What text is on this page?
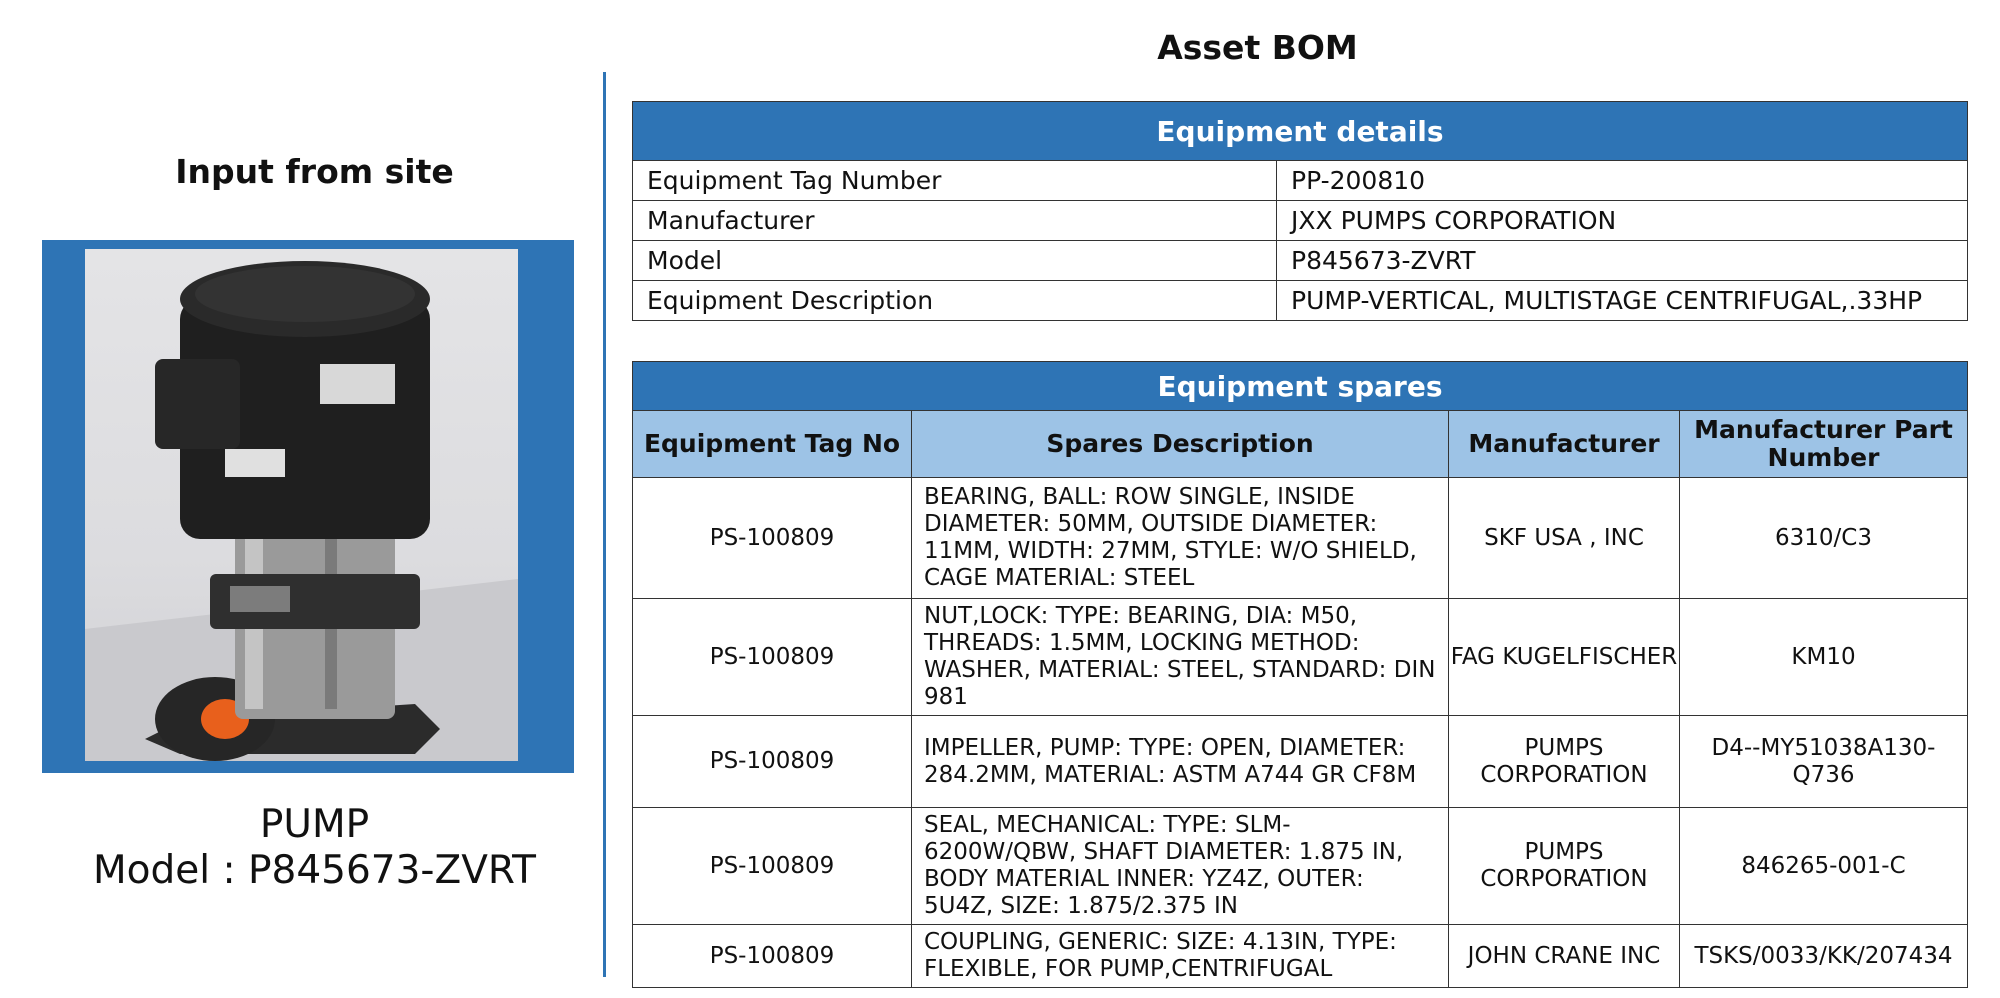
Input from site
PUMP
Model : P845673-ZVRT
Asset BOM
Equipment details	
Equipment Tag Number	PP-200810
Manufacturer	JXX PUMPS CORPORATION
Model	P845673-ZVRT
Equipment Description	PUMP-VERTICAL, MULTISTAGE CENTRIFUGAL,.33HP
Equipment spares			
Equipment Tag No	Spares Description	Manufacturer	Manufacturer Part Number
PS-100809	BEARING, BALL: ROW SINGLE, INSIDE DIAMETER: 50MM, OUTSIDE DIAMETER: 11MM, WIDTH: 27MM, STYLE: W/O SHIELD, CAGE MATERIAL: STEEL	SKF USA , INC	6310/C3
PS-100809	NUT,LOCK: TYPE: BEARING, DIA: M50, THREADS: 1.5MM, LOCKING METHOD: WASHER, MATERIAL: STEEL, STANDARD: DIN 981	FAG KUGELFISCHER	KM10
PS-100809	IMPELLER, PUMP: TYPE: OPEN, DIAMETER: 284.2MM, MATERIAL: ASTM A744 GR CF8M	PUMPS CORPORATION	D4--MY51038A130-Q736
PS-100809	SEAL, MECHANICAL: TYPE: SLM-6200W/QBW, SHAFT DIAMETER: 1.875 IN, BODY MATERIAL INNER: YZ4Z, OUTER: 5U4Z, SIZE: 1.875/2.375 IN	PUMPS CORPORATION	846265-001-C
PS-100809	COUPLING, GENERIC: SIZE: 4.13IN, TYPE: FLEXIBLE, FOR PUMP,CENTRIFUGAL	JOHN CRANE INC	TSKS/0033/KK/207434
